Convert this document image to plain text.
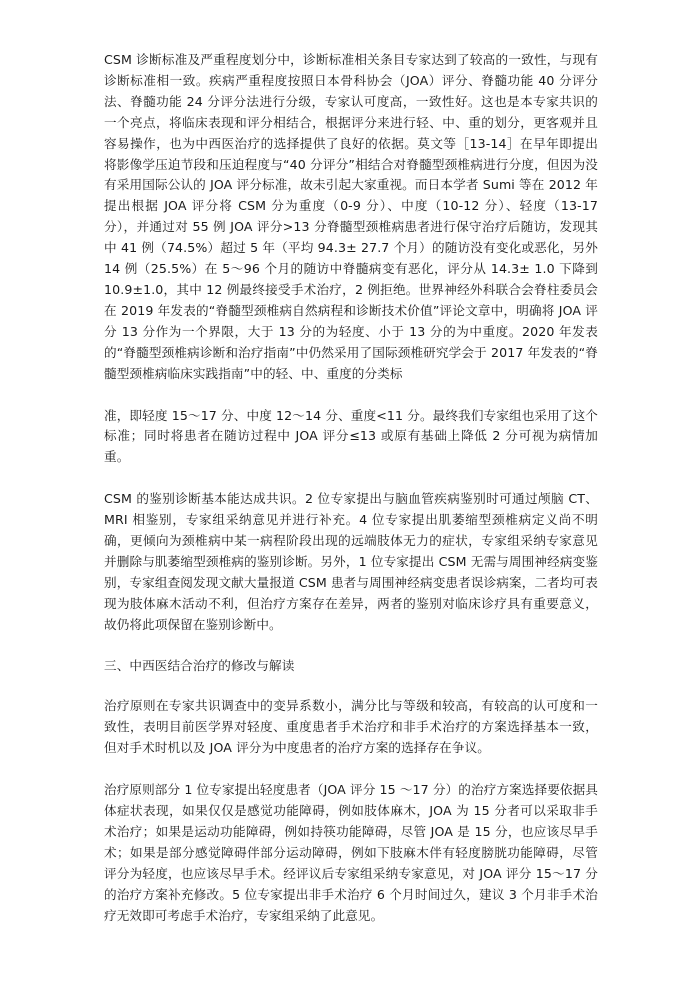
CSM 诊断标准及严重程度划分中，诊断标准相关条目专家达到了较高的一致性，与现有诊断标准相一致。疾病严重程度按照日本骨科协会（JOA）评分、脊髓功能 40 分评分法、脊髓功能 24 分评分法进行分级，专家认可度高，一致性好。这也是本专家共识的一个亮点，将临床表现和评分相结合，根据评分来进行轻、中、重的划分，更客观并且容易操作，也为中西医治疗的选择提供了良好的依据。莫文等［13-14］在早年即提出将影像学压迫节段和压迫程度与“40 分评分”相结合对脊髓型颈椎病进行分度，但因为没有采用国际公认的 JOA 评分标准，故未引起大家重视。而日本学者 Sumi 等在 2012 年提出根据 JOA 评分将 CSM 分为重度（0-9 分）、中度（10-12 分）、轻度（13-17 分），并通过对 55 例 JOA 评分>13 分脊髓型颈椎病患者进行保守治疗后随访，发现其中 41 例（74.5%）超过 5 年（平均 94.3± 27.7 个月）的随访没有变化或恶化，另外 14 例（25.5%）在 5～96 个月的随访中脊髓病变有恶化，评分从 14.3± 1.0 下降到 10.9±1.0，其中 12 例最终接受手术治疗，2 例拒绝。世界神经外科联合会脊柱委员会在 2019 年发表的“脊髓型颈椎病自然病程和诊断技术价值”评论文章中，明确将 JOA 评分 13 分作为一个界限，大于 13 分的为轻度、小于 13 分的为中重度。2020 年发表的“脊髓型颈椎病诊断和治疗指南”中仍然采用了国际颈椎研究学会于 2017 年发表的“脊髓型颈椎病临床实践指南”中的轻、中、重度的分类标

准，即轻度 15～17 分、中度 12～14 分、重度<11 分。最终我们专家组也采用了这个标准；同时将患者在随访过程中 JOA 评分≤13 或原有基础上降低 2 分可视为病情加重。

CSM 的鉴别诊断基本能达成共识。2 位专家提出与脑血管疾病鉴别时可通过颅脑 CT、MRI 相鉴别，专家组采纳意见并进行补充。4 位专家提出肌萎缩型颈椎病定义尚不明确，更倾向为颈椎病中某一病程阶段出现的远端肢体无力的症状，专家组采纳专家意见并删除与肌萎缩型颈椎病的鉴别诊断。另外，1 位专家提出 CSM 无需与周围神经病变鉴别，专家组查阅发现文献大量报道 CSM 患者与周围神经病变患者误诊病案，二者均可表现为肢体麻木活动不利，但治疗方案存在差异，两者的鉴别对临床诊疗具有重要意义，故仍将此项保留在鉴别诊断中。

三、中西医结合治疗的修改与解读

治疗原则在专家共识调查中的变异系数小，满分比与等级和较高，有较高的认可度和一致性，表明目前医学界对轻度、重度患者手术治疗和非手术治疗的方案选择基本一致，但对手术时机以及 JOA 评分为中度患者的治疗方案的选择存在争议。

治疗原则部分 1 位专家提出轻度患者（JOA 评分 15 ～17 分）的治疗方案选择要依据具体症状表现，如果仅仅是感觉功能障碍，例如肢体麻木，JOA 为 15 分者可以采取非手术治疗；如果是运动功能障碍，例如持筷功能障碍，尽管 JOA 是 15 分，也应该尽早手术；如果是部分感觉障碍伴部分运动障碍，例如下肢麻木伴有轻度膀胱功能障碍，尽管评分为轻度，也应该尽早手术。经评议后专家组采纳专家意见，对 JOA 评分 15～17 分的治疗方案补充修改。5 位专家提出非手术治疗 6 个月时间过久，建议 3 个月非手术治疗无效即可考虑手术治疗，专家组采纳了此意见。
